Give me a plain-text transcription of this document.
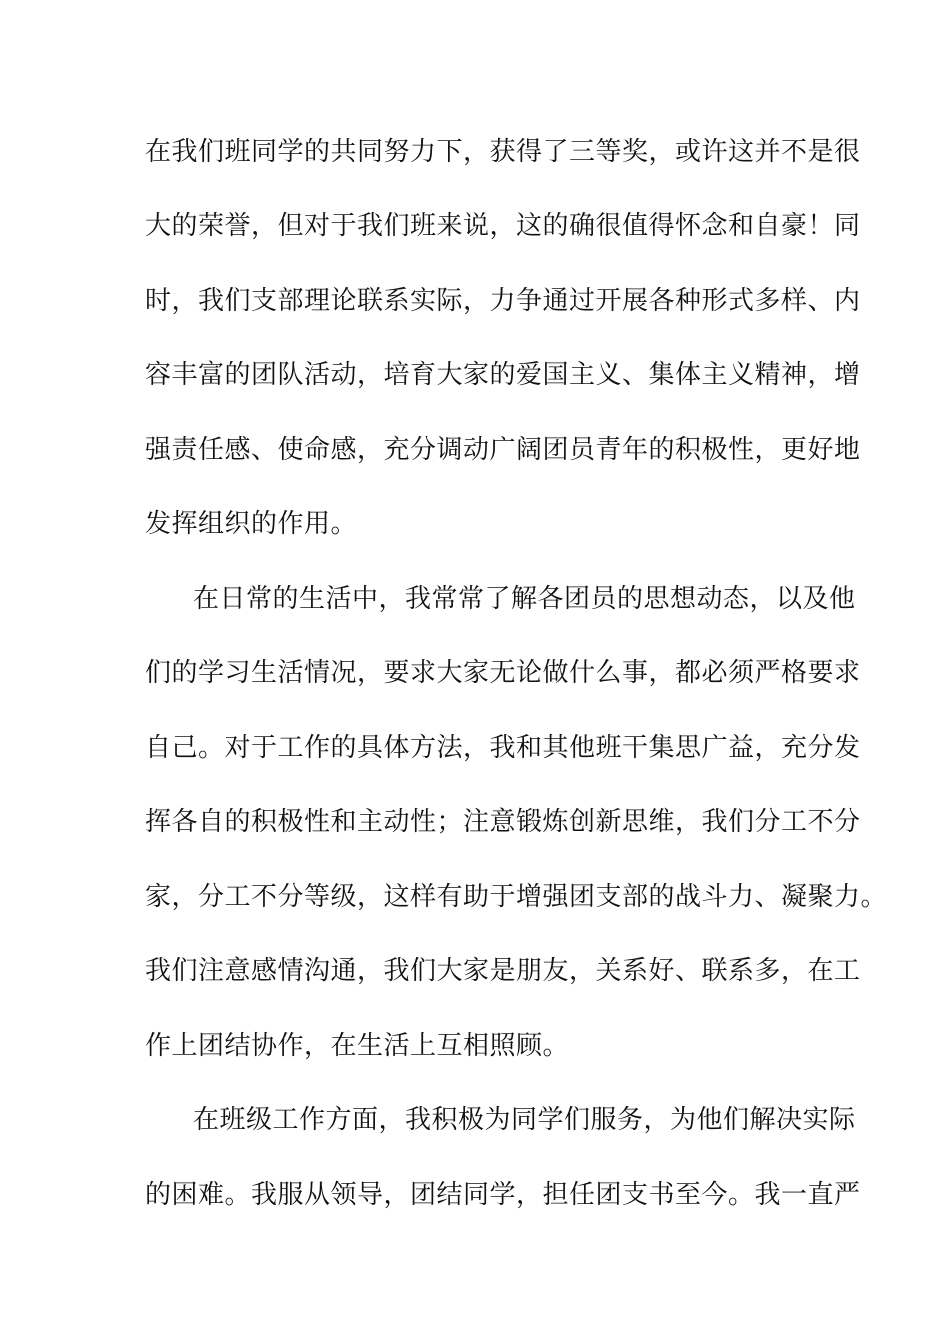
在我们班同学的共同努力下，获得了三等奖，或许这并不是很
大的荣誉，但对于我们班来说，这的确很值得怀念和自豪！同
时，我们支部理论联系实际，力争通过开展各种形式多样、内
容丰富的团队活动，培育大家的爱国主义、集体主义精神，增
强责任感、使命感，充分调动广阔团员青年的积极性，更好地
发挥组织的作用。
在日常的生活中，我常常了解各团员的思想动态，以及他
们的学习生活情况，要求大家无论做什么事，都必须严格要求
自己。对于工作的具体方法，我和其他班干集思广益，充分发
挥各自的积极性和主动性；注意锻炼创新思维，我们分工不分
家，分工不分等级，这样有助于增强团支部的战斗力、凝聚力。
我们注意感情沟通，我们大家是朋友，关系好、联系多，在工
作上团结协作，在生活上互相照顾。
在班级工作方面，我积极为同学们服务，为他们解决实际
的困难。我服从领导，团结同学，担任团支书至今。我一直严
